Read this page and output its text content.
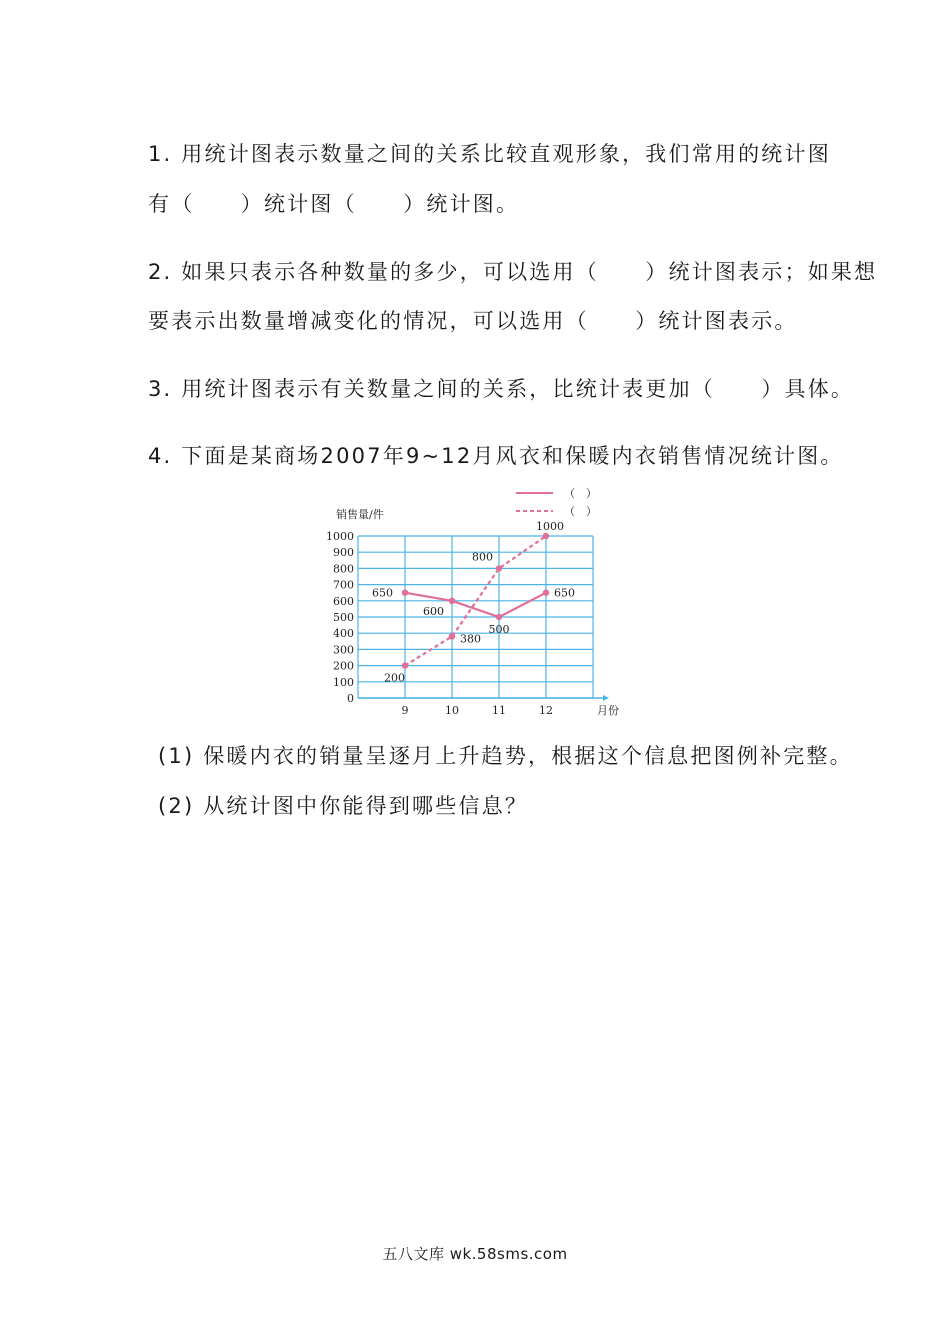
1. 用统计图表示数量之间的关系比较直观形象，我们常用的统计图
有（　　）统计图（　　）统计图。
2. 如果只表示各种数量的多少，可以选用（　　）统计图表示；如果想
要表示出数量增减变化的情况，可以选用（　　）统计图表示。
3. 用统计图表示有关数量之间的关系，比统计表更加（　　）具体。
4. 下面是某商场2007年9~12月风衣和保暖内衣销售情况统计图。
0
100
200
300
400
500
600
700
800
900
1000
9	10	11	12
销售量/件
月份
（　）
（　）
650
600
500
650
200
380
800
1000
(1) 保暖内衣的销量呈逐月上升趋势，根据这个信息把图例补完整。
(2) 从统计图中你能得到哪些信息？
五八文库 wk.58sms.com
